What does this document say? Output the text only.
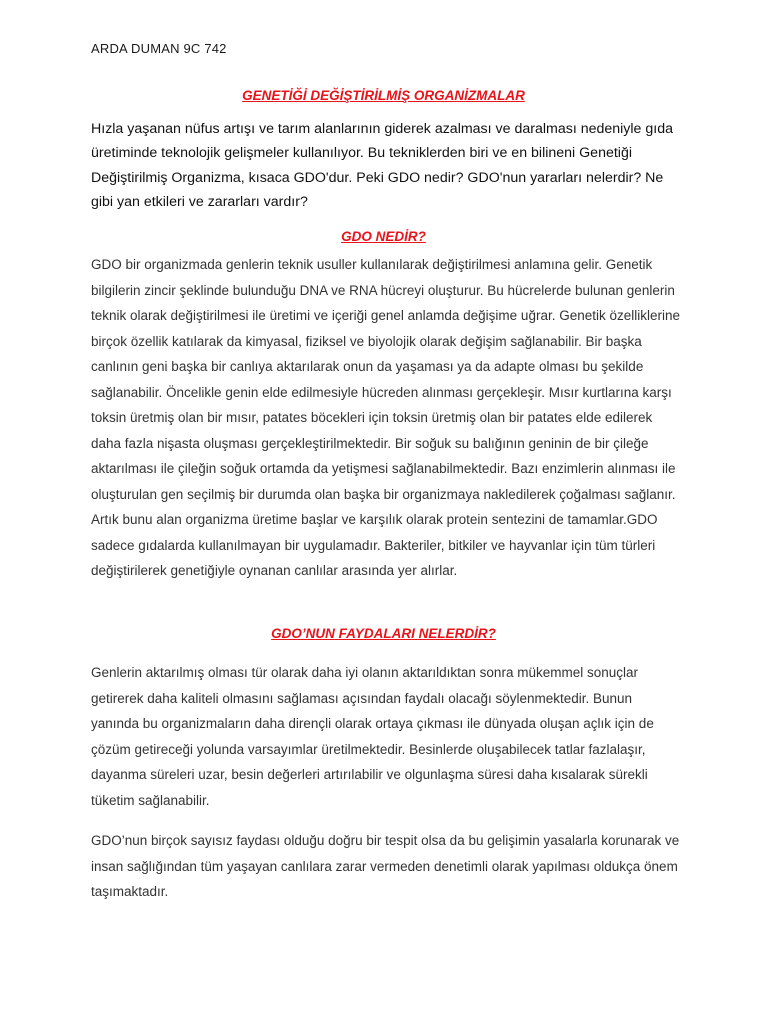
ARDA DUMAN 9C 742
GENETİĞİ DEĞİŞTİRİLMİŞ ORGANİZMALAR

Hızla yaşanan nüfus artışı ve tarım alanlarının giderek azalması ve daralması nedeniyle gıda üretiminde teknolojik gelişmeler kullanılıyor. Bu tekniklerden biri ve en bilineni Genetiği Değiştirilmiş Organizma, kısaca GDO'dur. Peki GDO nedir? GDO'nun yararları nelerdir? Ne gibi yan etkileri ve zararları vardır?

GDO NEDİR?

GDO bir organizmada genlerin teknik usuller kullanılarak değiştirilmesi anlamına gelir. Genetik bilgilerin zincir şeklinde bulunduğu DNA ve RNA hücreyi oluşturur. Bu hücrelerde bulunan genlerin teknik olarak değiştirilmesi ile üretimi ve içeriği genel anlamda değişime uğrar. Genetik özelliklerine birçok özellik katılarak da kimyasal, fiziksel ve biyolojik olarak değişim sağlanabilir. Bir başka canlının geni başka bir canlıya aktarılarak onun da yaşaması ya da adapte olması bu şekilde sağlanabilir. Öncelikle genin elde edilmesiyle hücreden alınması gerçekleşir. Mısır kurtlarına karşı toksin üretmiş olan bir mısır, patates böcekleri için toksin üretmiş olan bir patates elde edilerek daha fazla nişasta oluşması gerçekleştirilmektedir. Bir soğuk su balığının geninin de bir çileğe aktarılması ile çileğin soğuk ortamda da yetişmesi sağlanabilmektedir. Bazı enzimlerin alınması ile oluşturulan gen seçilmiş bir durumda olan başka bir organizmaya nakledilerek çoğalması sağlanır. Artık bunu alan organizma üretime başlar ve karşılık olarak protein sentezini de tamamlar.GDO sadece gıdalarda kullanılmayan bir uygulamadır. Bakteriler, bitkiler ve hayvanlar için tüm türleri değiştirilerek genetiğiyle oynanan canlılar arasında yer alırlar.

GDO’NUN FAYDALARI NELERDİR?

Genlerin aktarılmış olması tür olarak daha iyi olanın aktarıldıktan sonra mükemmel sonuçlar getirerek daha kaliteli olmasını sağlaması açısından faydalı olacağı söylenmektedir. Bunun yanında bu organizmaların daha dirençli olarak ortaya çıkması ile dünyada oluşan açlık için de çözüm getireceği yolunda varsayımlar üretilmektedir. Besinlerde oluşabilecek tatlar fazlalaşır, dayanma süreleri uzar, besin değerleri artırılabilir ve olgunlaşma süresi daha kısalarak sürekli tüketim sağlanabilir.

GDO’nun birçok sayısız faydası olduğu doğru bir tespit olsa da bu gelişimin yasalarla korunarak ve insan sağlığından tüm yaşayan canlılara zarar vermeden denetimli olarak yapılması oldukça önem taşımaktadır.
